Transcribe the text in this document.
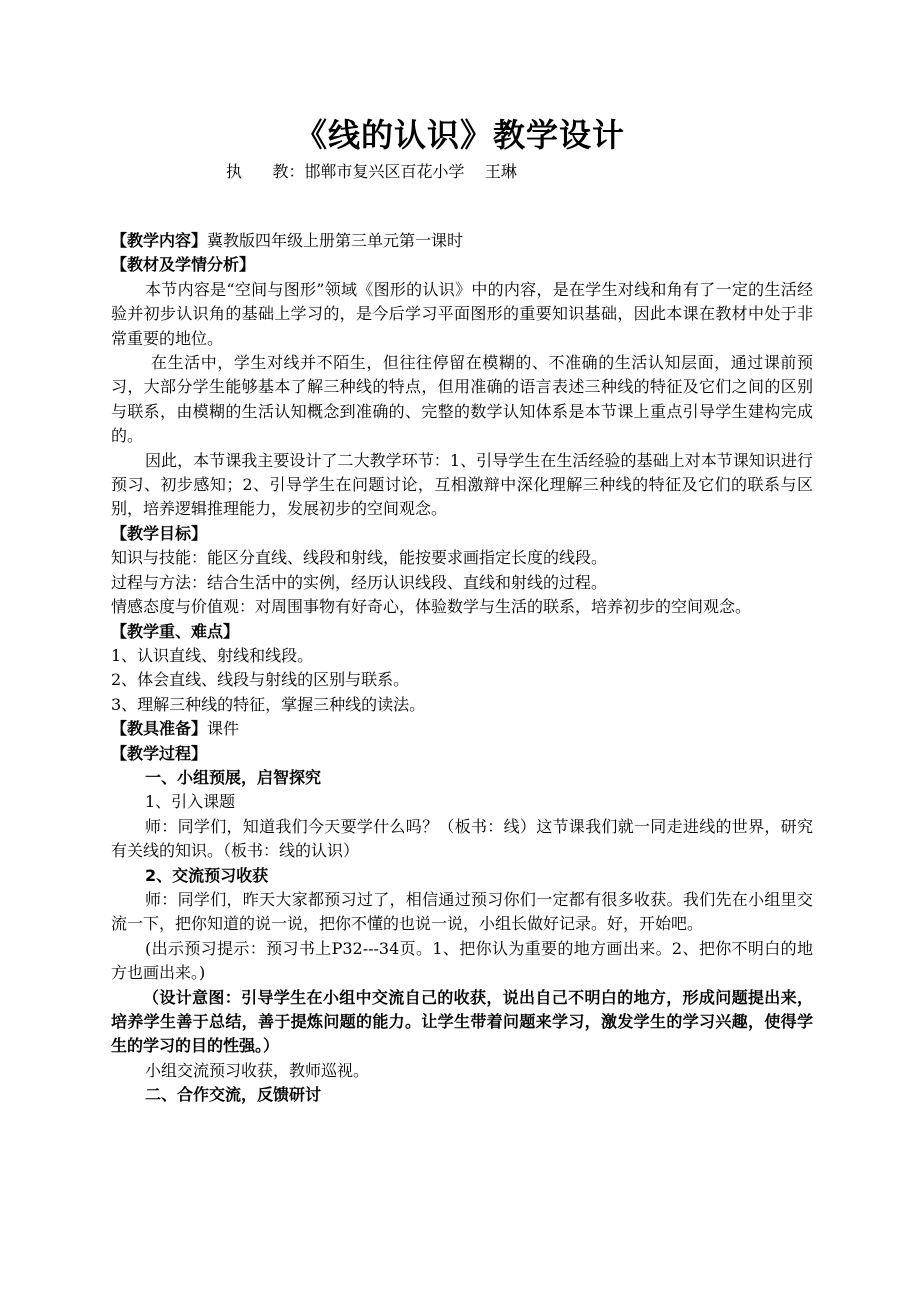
《线的认识》教学设计
执      教：邯郸市复兴区百花小学 王琳

【教学内容】冀教版四年级上册第三单元第一课时

【教材及学情分析】

本节内容是“空间与图形”领域《图形的认识》中的内容，是在学生对线和角有了一定的生活经验并初步认识角的基础上学习的，是今后学习平面图形的重要知识基础，因此本课在教材中处于非常重要的地位。

在生活中，学生对线并不陌生，但往往停留在模糊的、不准确的生活认知层面，通过课前预习，大部分学生能够基本了解三种线的特点，但用准确的语言表述三种线的特征及它们之间的区别与联系，由模糊的生活认知概念到准确的、完整的数学认知体系是本节课上重点引导学生建构完成的。

因此，本节课我主要设计了二大教学环节：1、引导学生在生活经验的基础上对本节课知识进行预习、初步感知；2、引导学生在问题讨论，互相激辩中深化理解三种线的特征及它们的联系与区别，培养逻辑推理能力，发展初步的空间观念。

【教学目标】

知识与技能：能区分直线、线段和射线，能按要求画指定长度的线段。

过程与方法：结合生活中的实例，经历认识线段、直线和射线的过程。

情感态度与价值观：对周围事物有好奇心，体验数学与生活的联系，培养初步的空间观念。

【教学重、难点】

1、认识直线、射线和线段。

2、体会直线、线段与射线的区别与联系。

3、理解三种线的特征，掌握三种线的读法。

【教具准备】课件

【教学过程】

一、小组预展，启智探究

1、引入课题

师：同学们，知道我们今天要学什么吗？（板书：线）这节课我们就一同走进线的世界，研究有关线的知识。（板书：线的认识）

2、交流预习收获

师：同学们，昨天大家都预习过了，相信通过预习你们一定都有很多收获。我们先在小组里交流一下，把你知道的说一说，把你不懂的也说一说，小组长做好记录。好，开始吧。

(出示预习提示：预习书上P32---34页。1、把你认为重要的地方画出来。2、把你不明白的地方也画出来。)

（设计意图：引导学生在小组中交流自己的收获，说出自己不明白的地方，形成问题提出来，培养学生善于总结，善于提炼问题的能力。让学生带着问题来学习，激发学生的学习兴趣，使得学生的学习的目的性强。）

小组交流预习收获，教师巡视。

二、合作交流，反馈研讨
